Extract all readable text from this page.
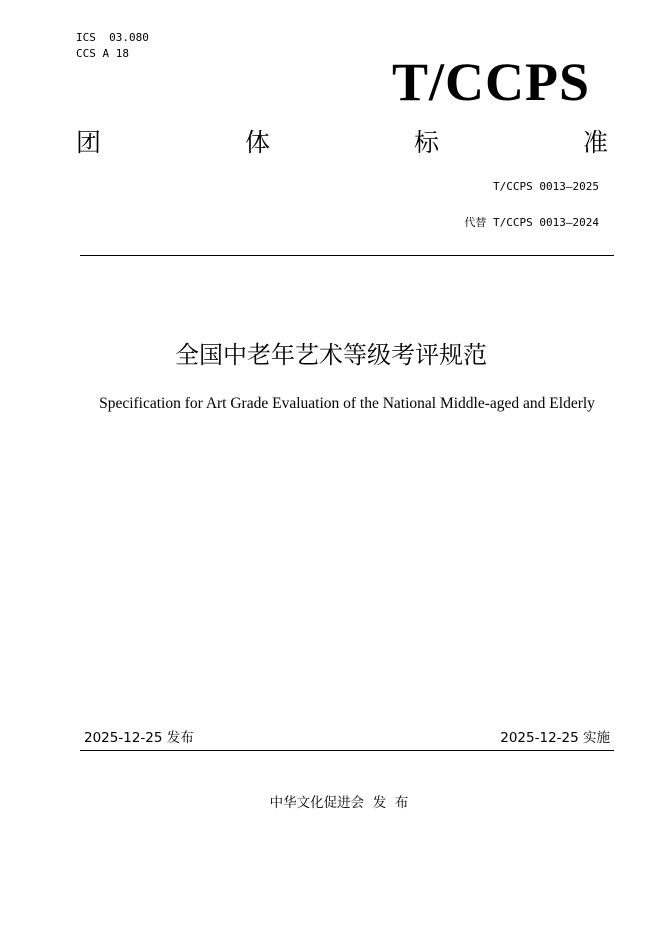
ICS  03.080
CCS A 18	T/CCPS
团	体	标	准
T/CCPS 0013—2025
代替 T/CCPS 0013—2024
全国中老年艺术等级考评规范
Specification for Art Grade Evaluation of the National Middle-aged and Elderly
2025-12-25 发布	2025-12-25 实施
中华文化促进会  发  布
